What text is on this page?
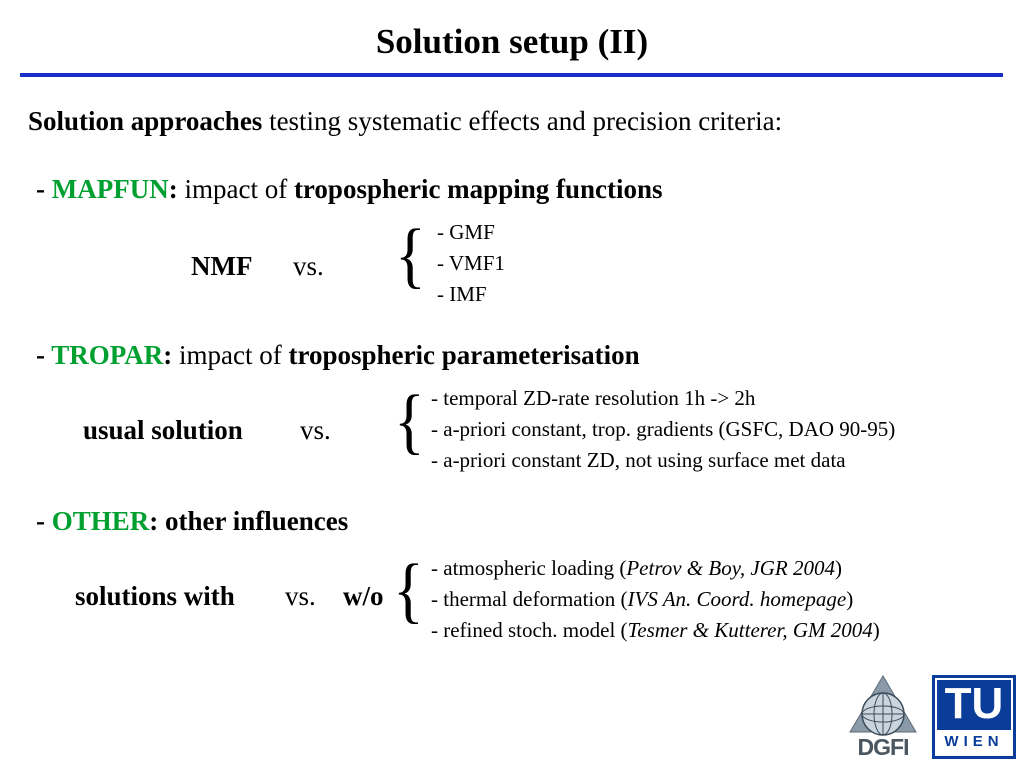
Solution setup (II)
Solution approaches testing systematic effects and precision criteria:
- MAPFUN: impact of tropospheric mapping functions
NMF vs. { - GMF
- VMF1
- IMF
- TROPAR: impact of tropospheric parameterisation
usual solution vs. { - temporal ZD-rate resolution 1h -> 2h
- a-priori constant, trop. gradients (GSFC, DAO 90-95)
- a-priori constant ZD, not using surface met data
- OTHER: other influences
solutions with vs. w/o { - atmospheric loading (Petrov & Boy, JGR 2004)
- thermal deformation (IVS An. Coord. homepage)
- refined stoch. model (Tesmer & Kutterer, GM 2004)
DGFI
TU
WIEN
